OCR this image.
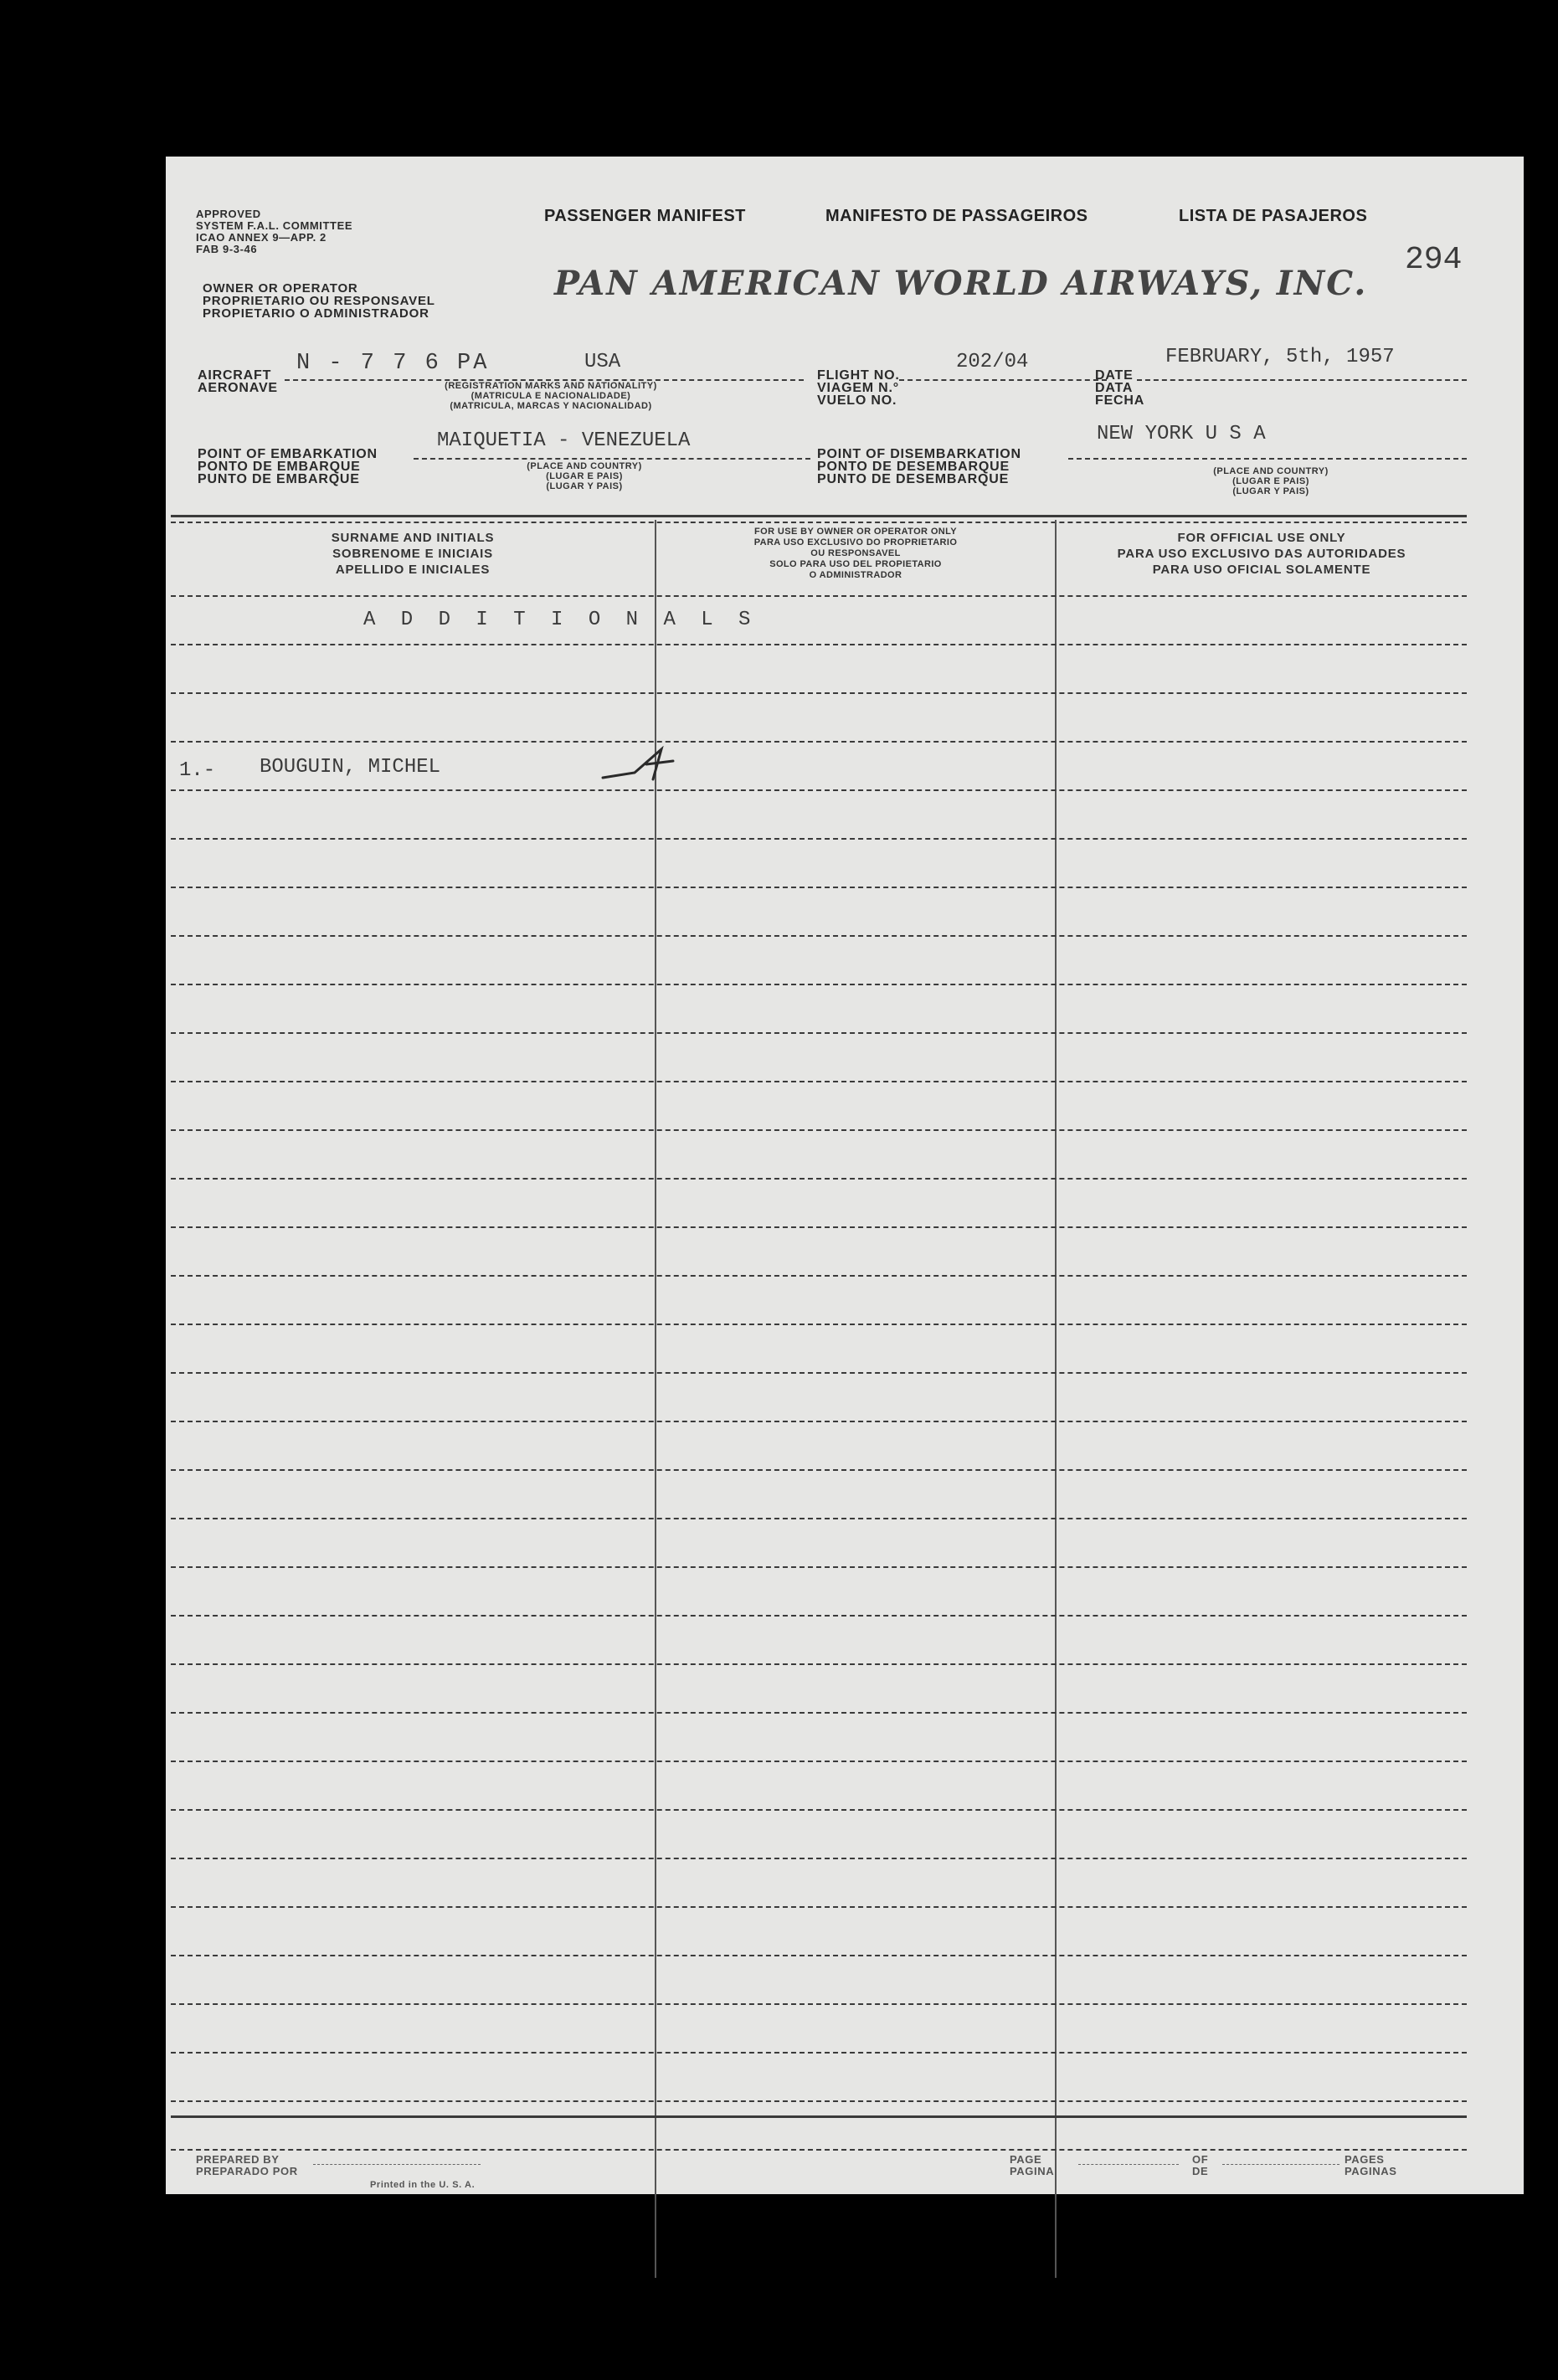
APPROVED
SYSTEM F.A.L. COMMITTEE
ICAO ANNEX 9—APP. 2
FAB 9-3-46
OWNER OR OPERATOR
PROPRIETARIO OU RESPONSAVEL
PROPIETARIO O ADMINISTRADOR
PASSENGER MANIFEST	MANIFESTO DE PASSAGEIROS	LISTA DE PASAJEROS
294
PAN AMERICAN WORLD AIRWAYS, INC.
AIRCRAFT
AERONAVE
N - 7 7 6 PA	USA
(REGISTRATION MARKS AND NATIONALITY)
(MATRICULA E NACIONALIDADE)
(MATRICULA, MARCAS Y NACIONALIDAD)
FLIGHT NO.
VIAGEM N.°
VUELO NO.
202/04
DATE
DATA
FECHA
FEBRUARY, 5th, 1957
POINT OF EMBARKATION
PONTO DE EMBARQUE
PUNTO DE EMBARQUE
MAIQUETIA - VENEZUELA
(PLACE AND COUNTRY)
(LUGAR E PAIS)
(LUGAR Y PAIS)
POINT OF DISEMBARKATION
PONTO DE DESEMBARQUE
PUNTO DE DESEMBARQUE
NEW YORK U S A
(PLACE AND COUNTRY)
(LUGAR E PAIS)
(LUGAR Y PAIS)
SURNAME AND INITIALS
SOBRENOME E INICIAIS
APELLIDO E INICIALES
FOR USE BY OWNER OR OPERATOR ONLY
PARA USO EXCLUSIVO DO PROPRIETARIO
OU RESPONSAVEL
SOLO PARA USO DEL PROPIETARIO
O ADMINISTRADOR
FOR OFFICIAL USE ONLY
PARA USO EXCLUSIVO DAS AUTORIDADES
PARA USO OFICIAL SOLAMENTE
A D D I T I O N A L S
1.- BOUGUIN, MICHEL
PREPARED BY
PREPARADO POR
Printed in the U. S. A.
PAGE
PAGINA
OF
DE
PAGES
PAGINAS
